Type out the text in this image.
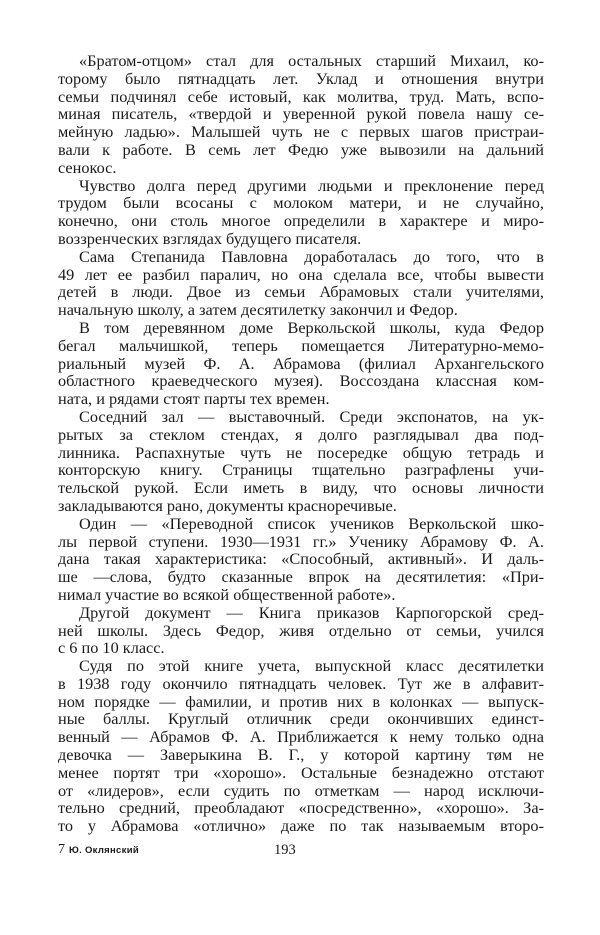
«Братом-отцом» стал для остальных старший Михаил, ко-
торому было пятнадцать лет. Уклад и отношения внутри
семьи подчинял себе истовый, как молитва, труд. Мать, вспо-
миная писатель, «твердой и уверенной рукой повела нашу се-
мейную ладью». Малышей чуть не с первых шагов пристраи-
вали к работе. В семь лет Федю уже вывозили на дальний
сенокос.
Чувство долга перед другими людьми и преклонение перед
трудом были всосаны с молоком матери, и не случайно,
конечно, они столь многое определили в характере и миро-
воззренческих взглядах будущего писателя.
Сама Степанида Павловна доработалась до того, что в
49 лет ее разбил паралич, но она сделала все, чтобы вывести
детей в люди. Двое из семьи Абрамовых стали учителями,
начальную школу, а затем десятилетку закончил и Федор.
В том деревянном доме Веркольской школы, куда Федор
бегал мальчишкой, теперь помещается Литературно-мемо-
риальный музей Ф. А. Абрамова (филиал Архангельского
областного краеведческого музея). Воссоздана классная ком-
ната, и рядами стоят парты тех времен.
Соседний зал — выставочный. Среди экспонатов, на ук-
рытых за стеклом стендах, я долго разглядывал два под-
линника. Распахнутые чуть не посередке общую тетрадь и
конторскую книгу. Страницы тщательно разграфлены учи-
тельской рукой. Если иметь в виду, что основы личности
закладываются рано, документы красноречивые.
Один — «Переводной список учеников Веркольской шко-
лы первой ступени. 1930—1931 гг.» Ученику Абрамову Ф. А.
дана такая характеристика: «Способный, активный». И даль-
ше —слова, будто сказанные впрок на десятилетия: «При-
нимал участие во всякой общественной работе».
Другой документ — Книга приказов Карпогорской сред-
ней школы. Здесь Федор, живя отдельно от семьи, учился
с 6 по 10 класс.
Судя по этой книге учета, выпускной класс десятилетки
в 1938 году окончило пятнадцать человек. Тут же в алфавит-
ном порядке — фамилии, и против них в колонках — выпуск-
ные баллы. Круглый отличник среди окончивших единст-
венный — Абрамов Ф. А. Приближается к нему только одна
девочка — Заверыкина В. Г., у которой картину тøм не
менее портят три «хорошо». Остальные безнадежно отстают
от «лидеров», если судить по отметкам — народ исключи-
тельно средний, преобладают «посредственно», «хорошо». За-
то у Абрамова «отлично» даже по так называемым второ-
7 Ю. Оклянский	193
